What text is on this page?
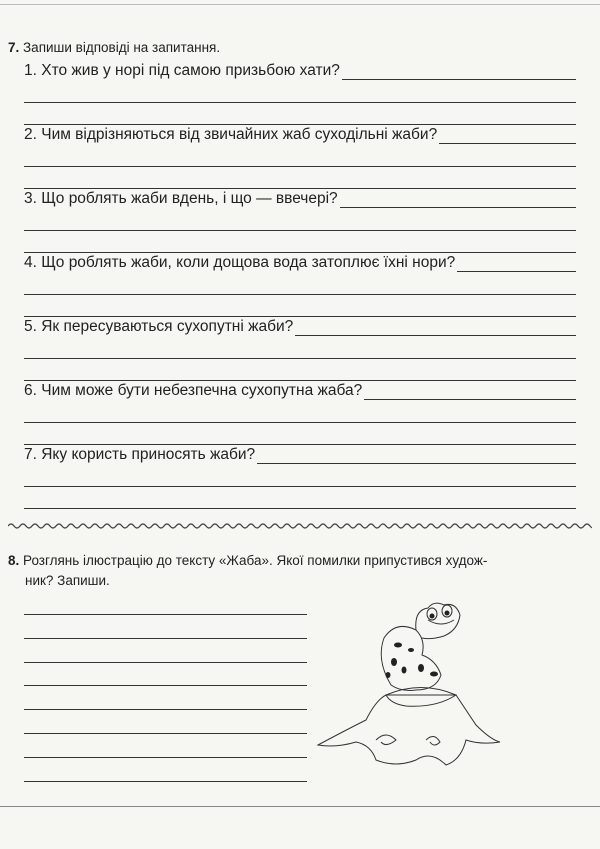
7. Запиши відповіді на запитання.
1. Хто жив у норі під самою призьбою хати?
2. Чим відрізняються від звичайних жаб суходільні жаби?
3. Що роблять жаби вдень, і що — ввечері?
4. Що роблять жаби, коли дощова вода затоплює їхні нори?
5. Як пересуваються сухопутні жаби?
6. Чим може бути небезпечна сухопутна жаба?
7. Яку користь приносять жаби?
8. Розглянь ілюстрацію до тексту «Жаба». Якої помилки припустився худож-
ник? Запиши.
